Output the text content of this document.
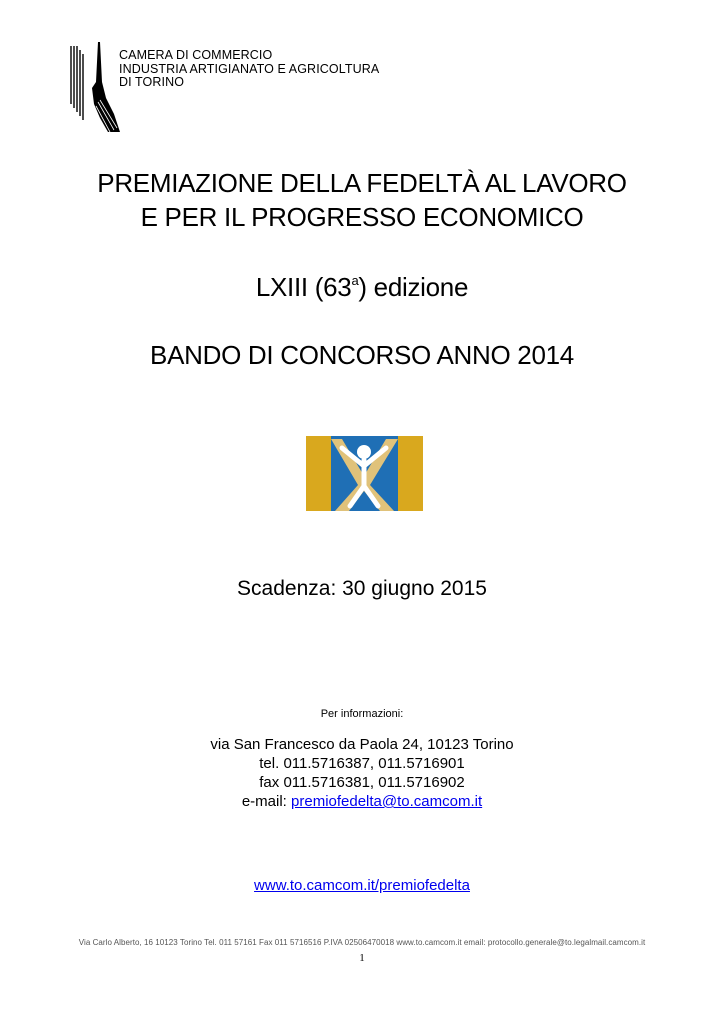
CAMERA DI COMMERCIO
INDUSTRIA ARTIGIANATO E AGRICOLTURA
DI TORINO
PREMIAZIONE DELLA FEDELTÀ AL LAVORO
E PER IL PROGRESSO ECONOMICO
LXIII (63$^a$) edizione
BANDO DI CONCORSO ANNO 2014
Scadenza: 30 giugno 2015
Per informazioni:
via San Francesco da Paola 24, 10123 Torino
tel. 011.5716387, 011.5716901
fax 011.5716381, 011.5716902
e-mail: premiofedelta@to.camcom.it
www.to.camcom.it/premiofedelta
Via Carlo Alberto, 16 10123 Torino Tel. 011 57161 Fax 011 5716516 P.IVA 02506470018 www.to.camcom.it email: protocollo.generale@to.legalmail.camcom.it
1
